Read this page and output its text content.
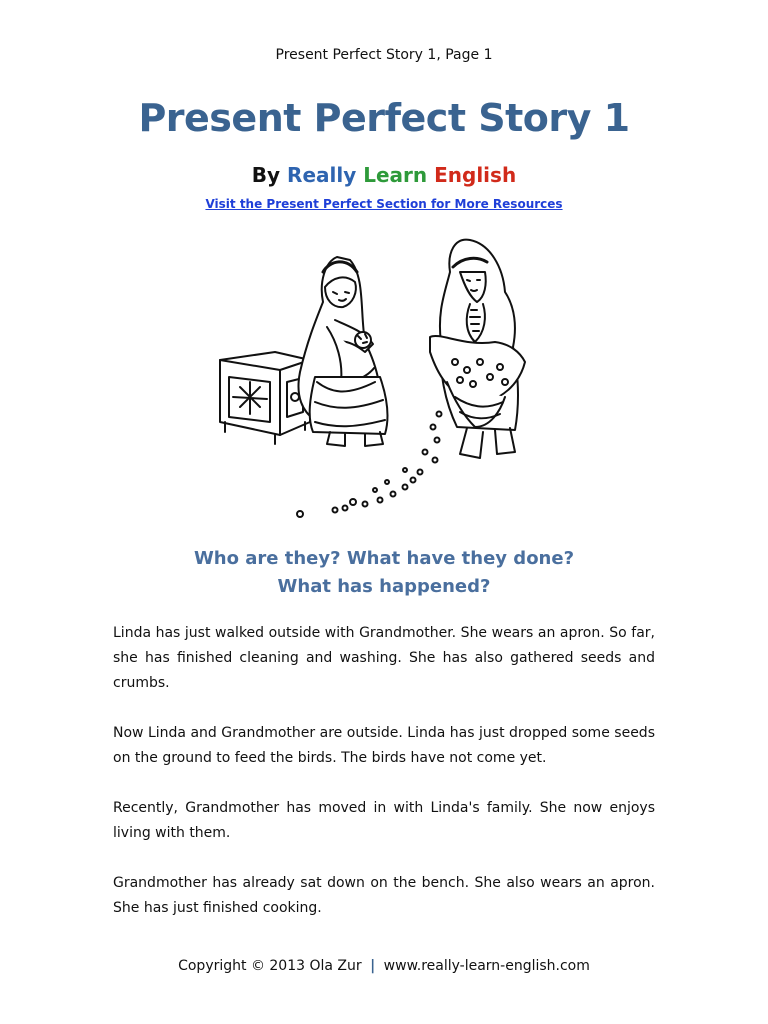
Present Perfect Story 1, Page 1
Present Perfect Story 1
By Really Learn English
Visit the Present Perfect Section for More Resources
Who are they? What have they done?
What has happened?

Linda has just walked outside with Grandmother. She wears an apron. So far, she has finished cleaning and washing. She has also gathered seeds and crumbs.

Now Linda and Grandmother are outside. Linda has just dropped some seeds on the ground to feed the birds. The birds have not come yet.

Recently, Grandmother has moved in with Linda's family. She now enjoys living with them.

Grandmother has already sat down on the bench. She also wears an apron. She has just finished cooking.

Copyright © 2013 Ola Zur | www.really-learn-english.com
